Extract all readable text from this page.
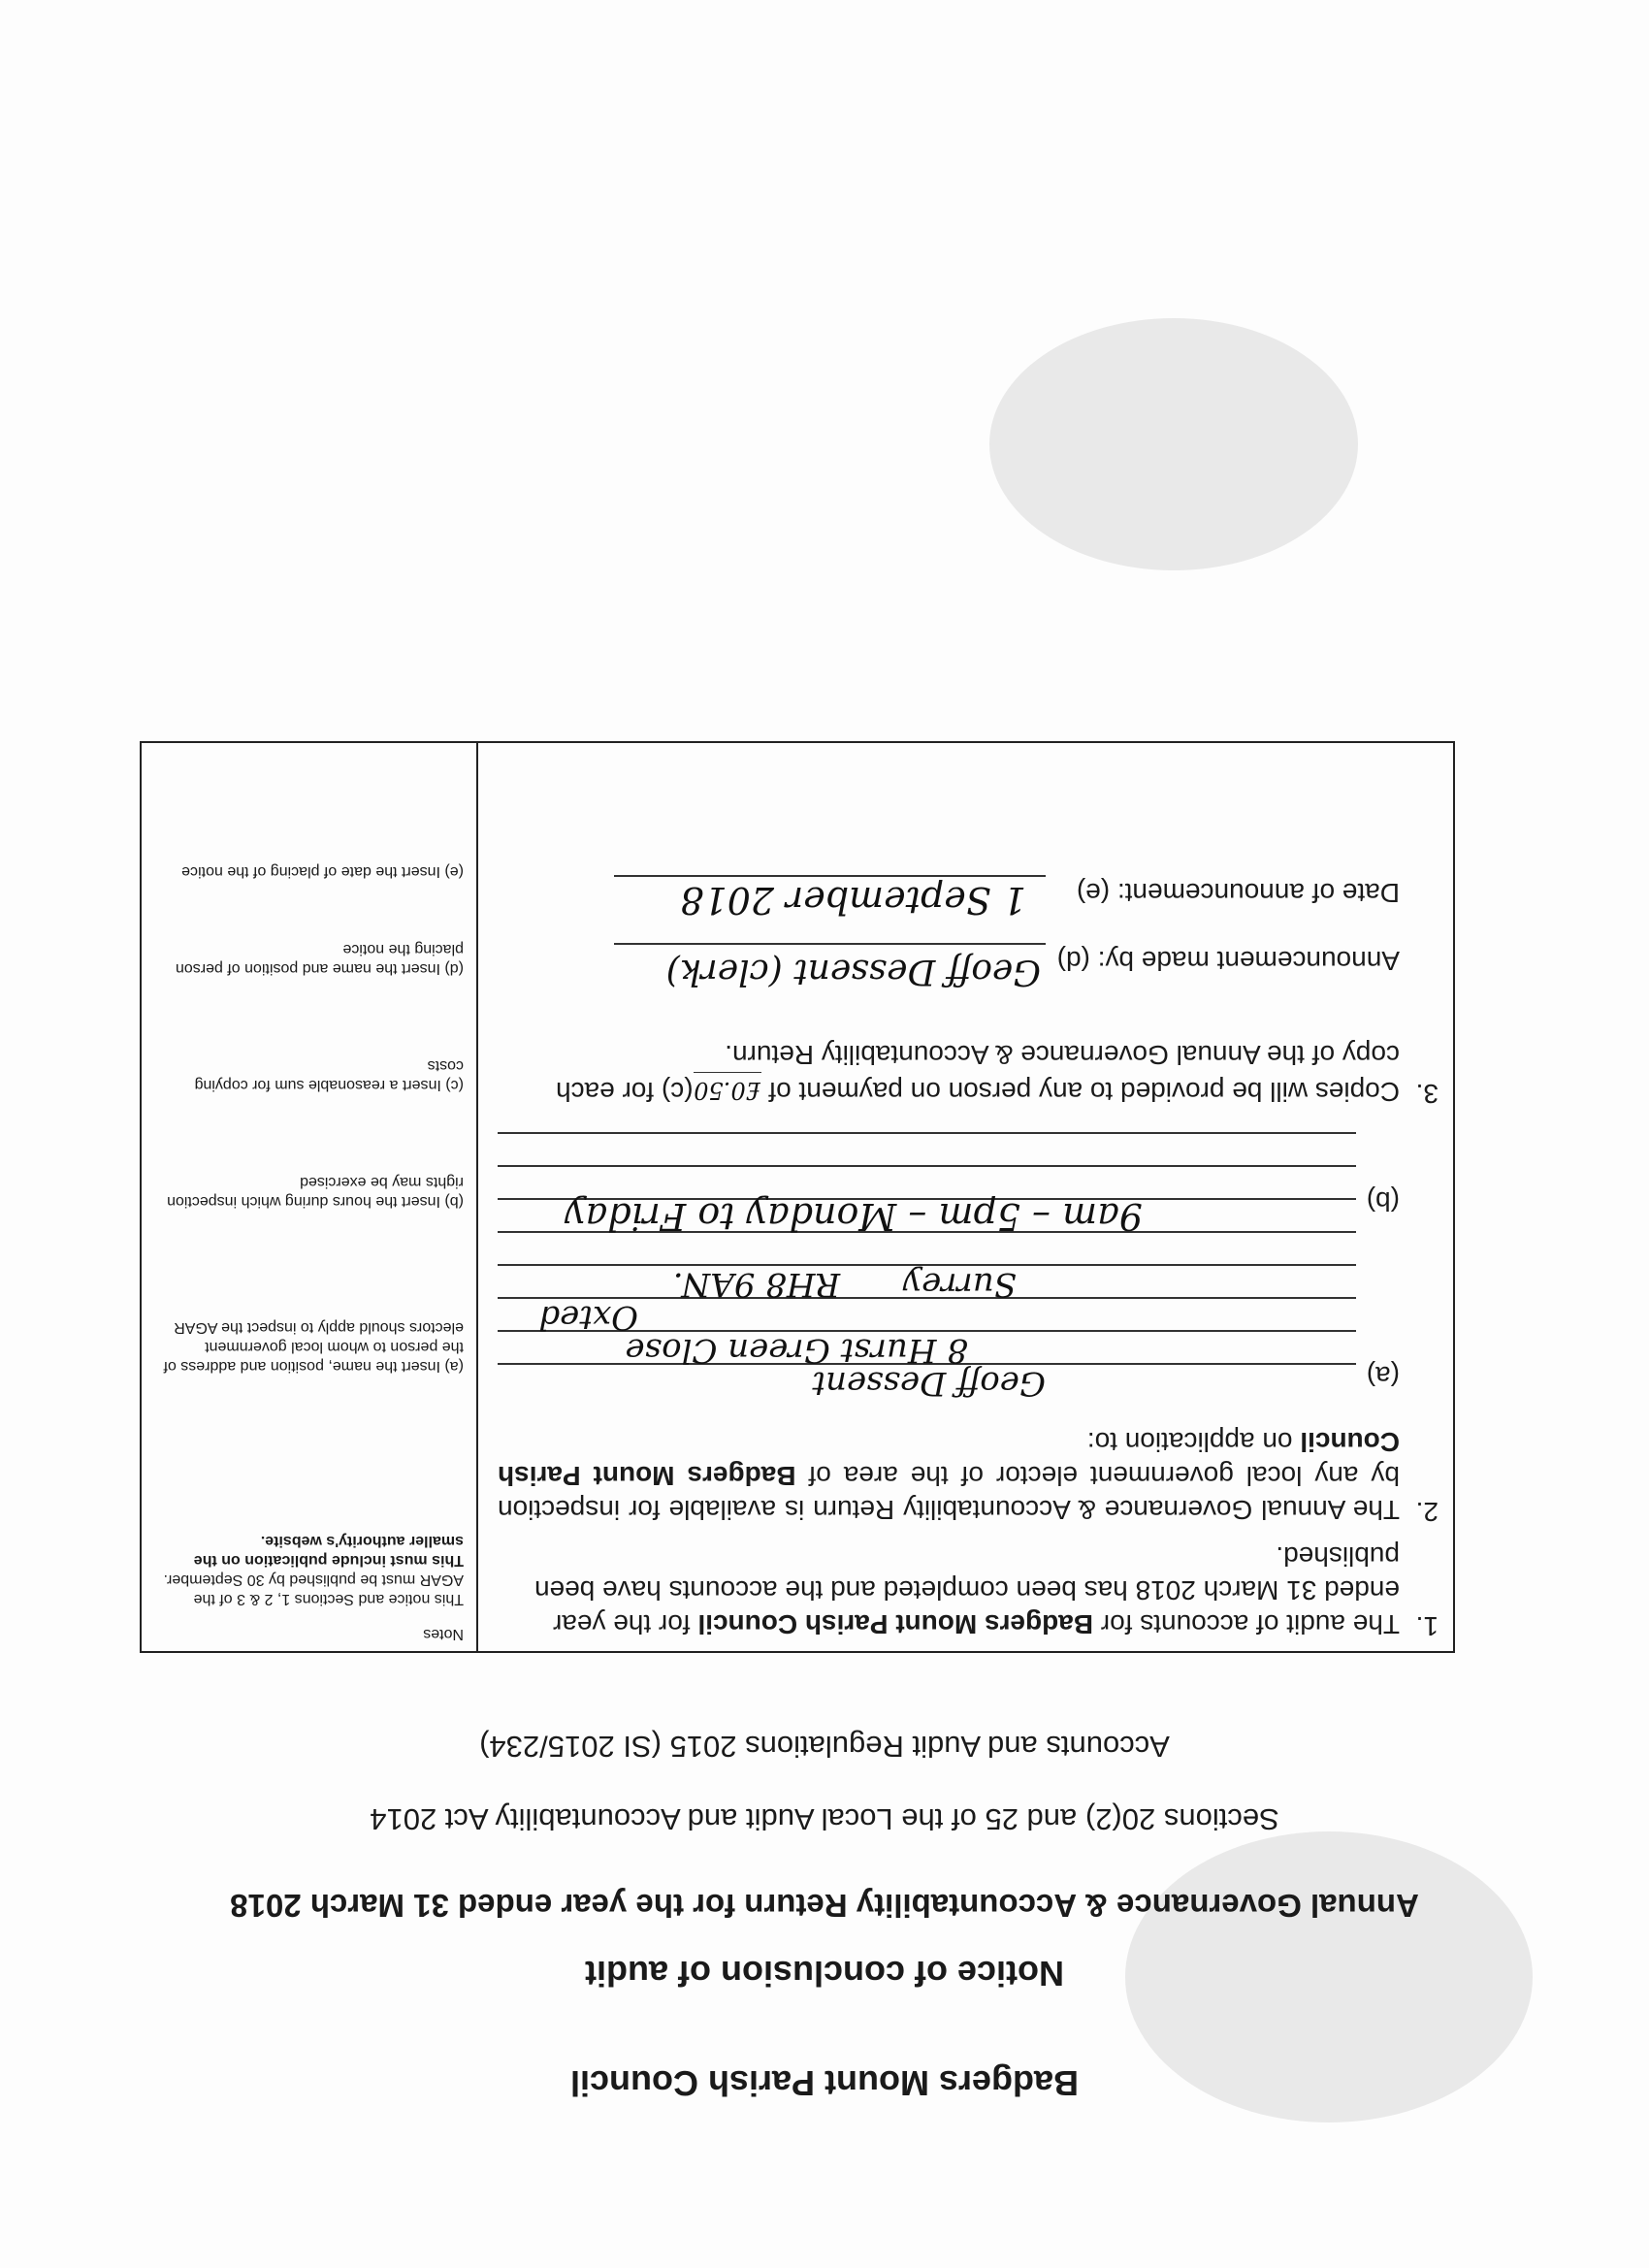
Badgers Mount Parish Council
Notice of conclusion of audit
Annual Governance & Accountability Return for the year ended 31 March 2018
Sections 20(2) and 25 of the Local Audit and Accountability Act 2014
Accounts and Audit Regulations 2015 (SI 2015/234)
1.
The audit of accounts for Badgers Mount Parish Council for the year ended 31 March 2018 has been completed and the accounts have been published.
2.
The Annual Governance & Accountability Return is available for inspection by any local government elector of the area of Badgers Mount Parish Council on application to:
(a)
Geoff Dessent
8 Hurst Green Close
Oxted
Surrey      RH8 9AN.
(b)
9am – 5pm – Monday to Friday
3.
Copies will be provided to any person on payment of £0.50(c) for each copy of the Annual Governance & Accountability Return.
Announcement made by: (d)
Geoff Dessent (clerk)
Date of announcement: (e)
1 September 2018
Notes
This notice and Sections 1, 2 & 3 of the AGAR must be published by 30 September. This must include publication on the smaller authority's website.
(a) Insert the name, position and address of the person to whom local government electors should apply to inspect the AGAR
(b) Insert the hours during which inspection rights may be exercised
(c) Insert a reasonable sum for copying costs
(d) Insert the name and position of person placing the notice
(e) Insert the date of placing of the notice
